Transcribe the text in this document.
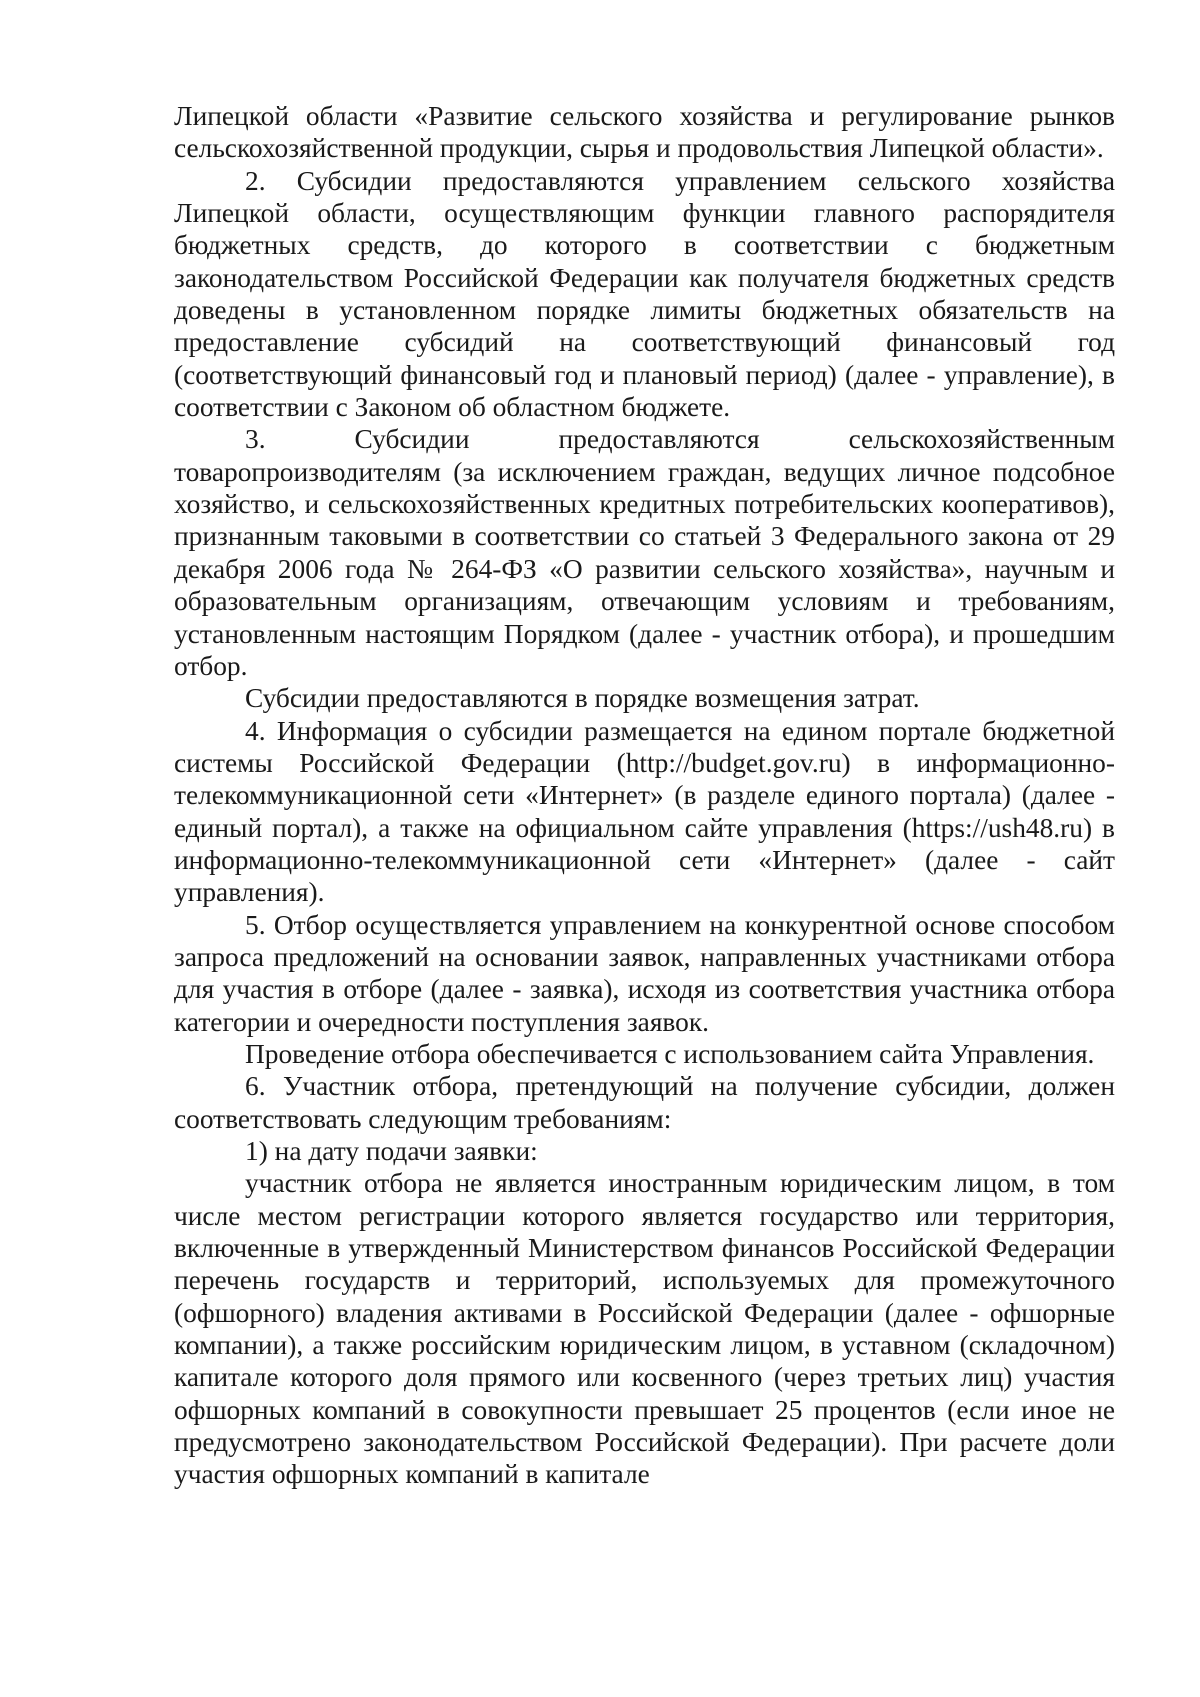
Липецкой области «Развитие сельского хозяйства и регулирование рынков сельскохозяйственной продукции, сырья и продовольствия Липецкой области».

2. Субсидии предоставляются управлением сельского хозяйства Липецкой области, осуществляющим функции главного распорядителя бюджетных средств, до которого в соответствии с бюджетным законодательством Российской Федерации как получателя бюджетных средств доведены в установленном порядке лимиты бюджетных обязательств на предоставление субсидий на соответствующий финансовый год (соответствующий финансовый год и плановый период) (далее - управление), в соответствии с Законом об областном бюджете.

3. Субсидии предоставляются сельскохозяйственным товаропроизводителям (за исключением граждан, ведущих личное подсобное хозяйство, и сельскохозяйственных кредитных потребительских кооперативов), признанным таковыми в соответствии со статьей 3 Федерального закона от 29 декабря 2006 года № 264-ФЗ «О развитии сельского хозяйства», научным и образовательным организациям, отвечающим условиям и требованиям, установленным настоящим Порядком (далее - участник отбора), и прошедшим отбор.

Субсидии предоставляются в порядке возмещения затрат.

4. Информация о субсидии размещается на едином портале бюджетной системы Российской Федерации (http://budget.gov.ru) в информационно-телекоммуникационной сети «Интернет» (в разделе единого портала) (далее - единый портал), а также на официальном сайте управления (https://ush48.ru) в информационно-телекоммуникационной сети «Интернет» (далее - сайт управления).

5. Отбор осуществляется управлением на конкурентной основе способом запроса предложений на основании заявок, направленных участниками отбора для участия в отборе (далее - заявка), исходя из соответствия участника отбора категории и очередности поступления заявок.

Проведение отбора обеспечивается с использованием сайта Управления.

6. Участник отбора, претендующий на получение субсидии, должен соответствовать следующим требованиям:

1) на дату подачи заявки:

участник отбора не является иностранным юридическим лицом, в том числе местом регистрации которого является государство или территория, включенные в утвержденный Министерством финансов Российской Федерации перечень государств и территорий, используемых для промежуточного (офшорного) владения активами в Российской Федерации (далее - офшорные компании), а также российским юридическим лицом, в уставном (складочном) капитале которого доля прямого или косвенного (через третьих лиц) участия офшорных компаний в совокупности превышает 25 процентов (если иное не предусмотрено законодательством Российской Федерации). При расчете доли участия офшорных компаний в капитале
